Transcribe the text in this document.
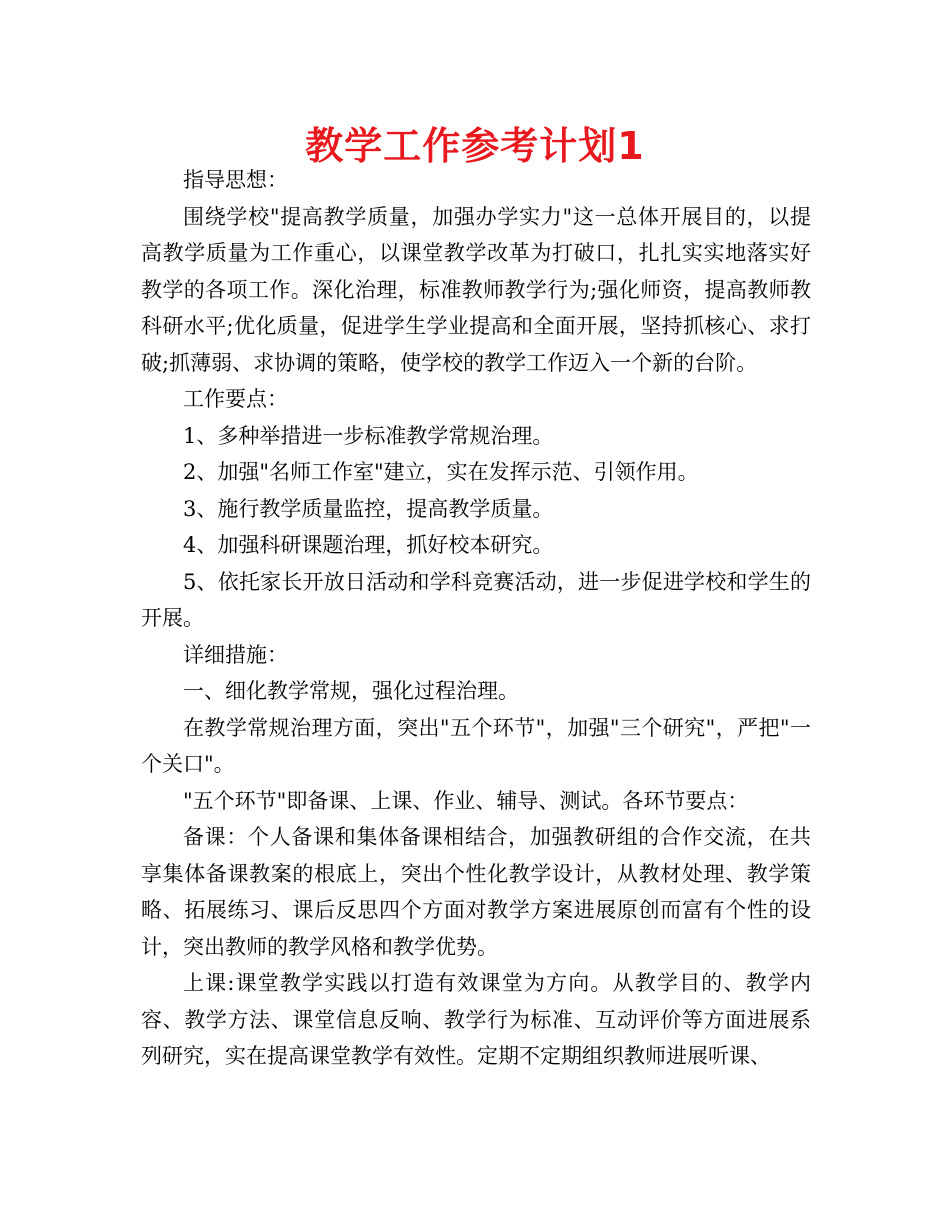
教学工作参考计划1

指导思想：

围绕学校"提高教学质量，加强办学实力"这一总体开展目的，以提高教学质量为工作重心，以课堂教学改革为打破口，扎扎实实地落实好教学的各项工作。深化治理，标准教师教学行为;强化师资，提高教师教科研水平;优化质量，促进学生学业提高和全面开展，坚持抓核心、求打破;抓薄弱、求协调的策略，使学校的教学工作迈入一个新的台阶。

工作要点：

1、多种举措进一步标准教学常规治理。

2、加强"名师工作室"建立，实在发挥示范、引领作用。

3、施行教学质量监控，提高教学质量。

4、加强科研课题治理，抓好校本研究。

5、依托家长开放日活动和学科竞赛活动，进一步促进学校和学生的开展。

详细措施：

一、细化教学常规，强化过程治理。

在教学常规治理方面，突出"五个环节"，加强"三个研究"，严把"一个关口"。

"五个环节"即备课、上课、作业、辅导、测试。各环节要点：

备课：个人备课和集体备课相结合，加强教研组的合作交流，在共享集体备课教案的根底上，突出个性化教学设计，从教材处理、教学策略、拓展练习、课后反思四个方面对教学方案进展原创而富有个性的设计，突出教师的教学风格和教学优势。

上课:课堂教学实践以打造有效课堂为方向。从教学目的、教学内容、教学方法、课堂信息反响、教学行为标准、互动评价等方面进展系列研究，实在提高课堂教学有效性。定期不定期组织教师进展听课、
